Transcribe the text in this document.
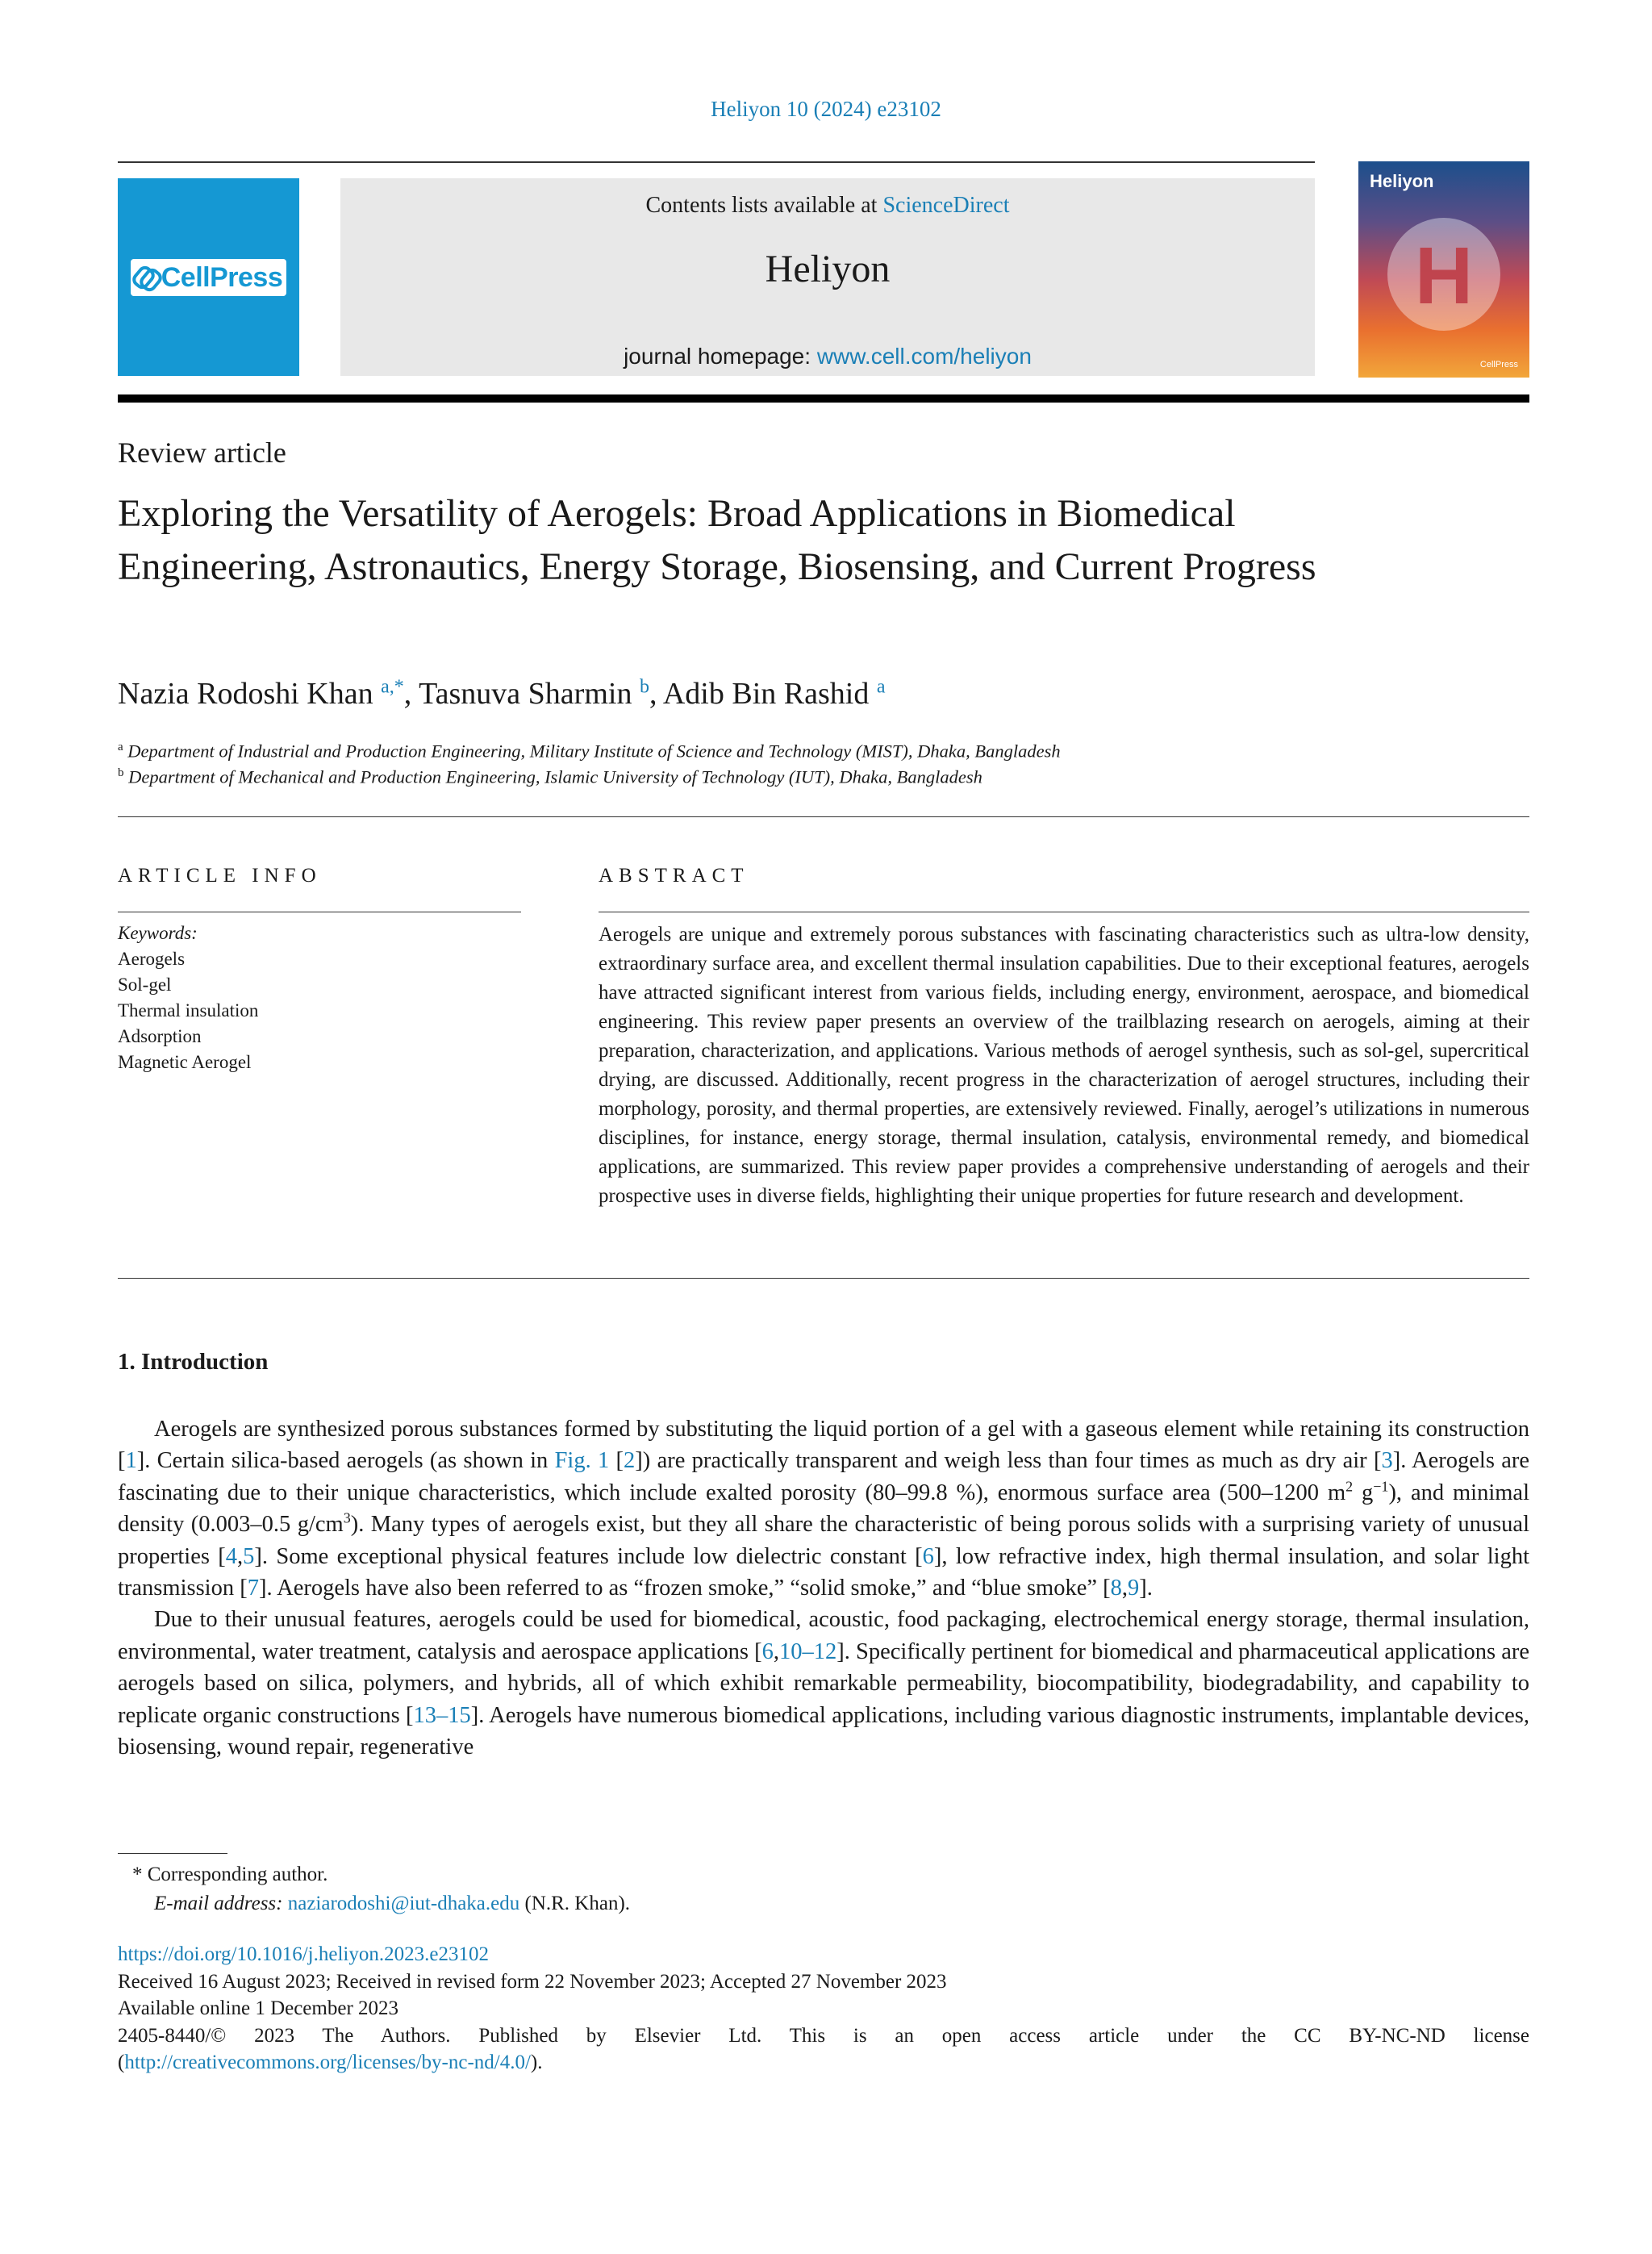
Heliyon 10 (2024) e23102
CellPress
Contents lists available at ScienceDirect
Heliyon
journal homepage: www.cell.com/heliyon
Heliyon
H
CellPress
Review article
Exploring the Versatility of Aerogels: Broad Applications in Biomedical Engineering, Astronautics, Energy Storage, Biosensing, and Current Progress
Nazia Rodoshi Khan $^{a,*}$, Tasnuva Sharmin $^b$, Adib Bin Rashid $^a$
$^a$ Department of Industrial and Production Engineering, Military Institute of Science and Technology (MIST), Dhaka, Bangladesh
$^b$ Department of Mechanical and Production Engineering, Islamic University of Technology (IUT), Dhaka, Bangladesh
ARTICLE INFO	ABSTRACT
Keywords:
Aerogels
Sol-gel
Thermal insulation
Adsorption
Magnetic Aerogel
Aerogels are unique and extremely porous substances with fascinating characteristics such as ultra-low density, extraordinary surface area, and excellent thermal insulation capabilities. Due to their exceptional features, aerogels have attracted significant interest from various fields, including energy, environment, aerospace, and biomedical engineering. This review paper presents an overview of the trailblazing research on aerogels, aiming at their preparation, characterization, and applications. Various methods of aerogel synthesis, such as sol-gel, supercritical drying, are discussed. Additionally, recent progress in the characterization of aerogel structures, including their morphology, porosity, and thermal properties, are extensively reviewed. Finally, aerogel’s utilizations in numerous disciplines, for instance, energy storage, thermal insulation, catalysis, environmental remedy, and biomedical applications, are summarized. This review paper provides a comprehensive understanding of aerogels and their prospective uses in diverse fields, highlighting their unique properties for future research and development.
1. Introduction

Aerogels are synthesized porous substances formed by substituting the liquid portion of a gel with a gaseous element while retaining its construction [1]. Certain silica-based aerogels (as shown in Fig. 1 [2]) are practically transparent and weigh less than four times as much as dry air [3]. Aerogels are fascinating due to their unique characteristics, which include exalted porosity (80–99.8 %), enormous surface area (500–1200 $m^2$ $g^{-1}$), and minimal density (0.003–0.5 $g/cm^3$). Many types of aerogels exist, but they all share the characteristic of being porous solids with a surprising variety of unusual properties [4,5]. Some exceptional physical features include low dielectric constant [6], low refractive index, high thermal insulation, and solar light transmission [7]. Aerogels have also been referred to as “frozen smoke,” “solid smoke,” and “blue smoke” [8,9].

Due to their unusual features, aerogels could be used for biomedical, acoustic, food packaging, electrochemical energy storage, thermal insulation, environmental, water treatment, catalysis and aerospace applications [6,10–12]. Specifically pertinent for biomedical and pharmaceutical applications are aerogels based on silica, polymers, and hybrids, all of which exhibit remarkable permeability, biocompatibility, biodegradability, and capability to replicate organic constructions [13–15]. Aerogels have numerous biomedical applications, including various diagnostic instruments, implantable devices, biosensing, wound repair, regenerative

* Corresponding author.
E-mail address: naziarodoshi@iut-dhaka.edu (N.R. Khan).
https://doi.org/10.1016/j.heliyon.2023.e23102
Received 16 August 2023; Received in revised form 22 November 2023; Accepted 27 November 2023
Available online 1 December 2023
2405-8440/© 2023 The Authors. Published by Elsevier Ltd. This is an open access article under the CC BY-NC-ND license
(http://creativecommons.org/licenses/by-nc-nd/4.0/).
